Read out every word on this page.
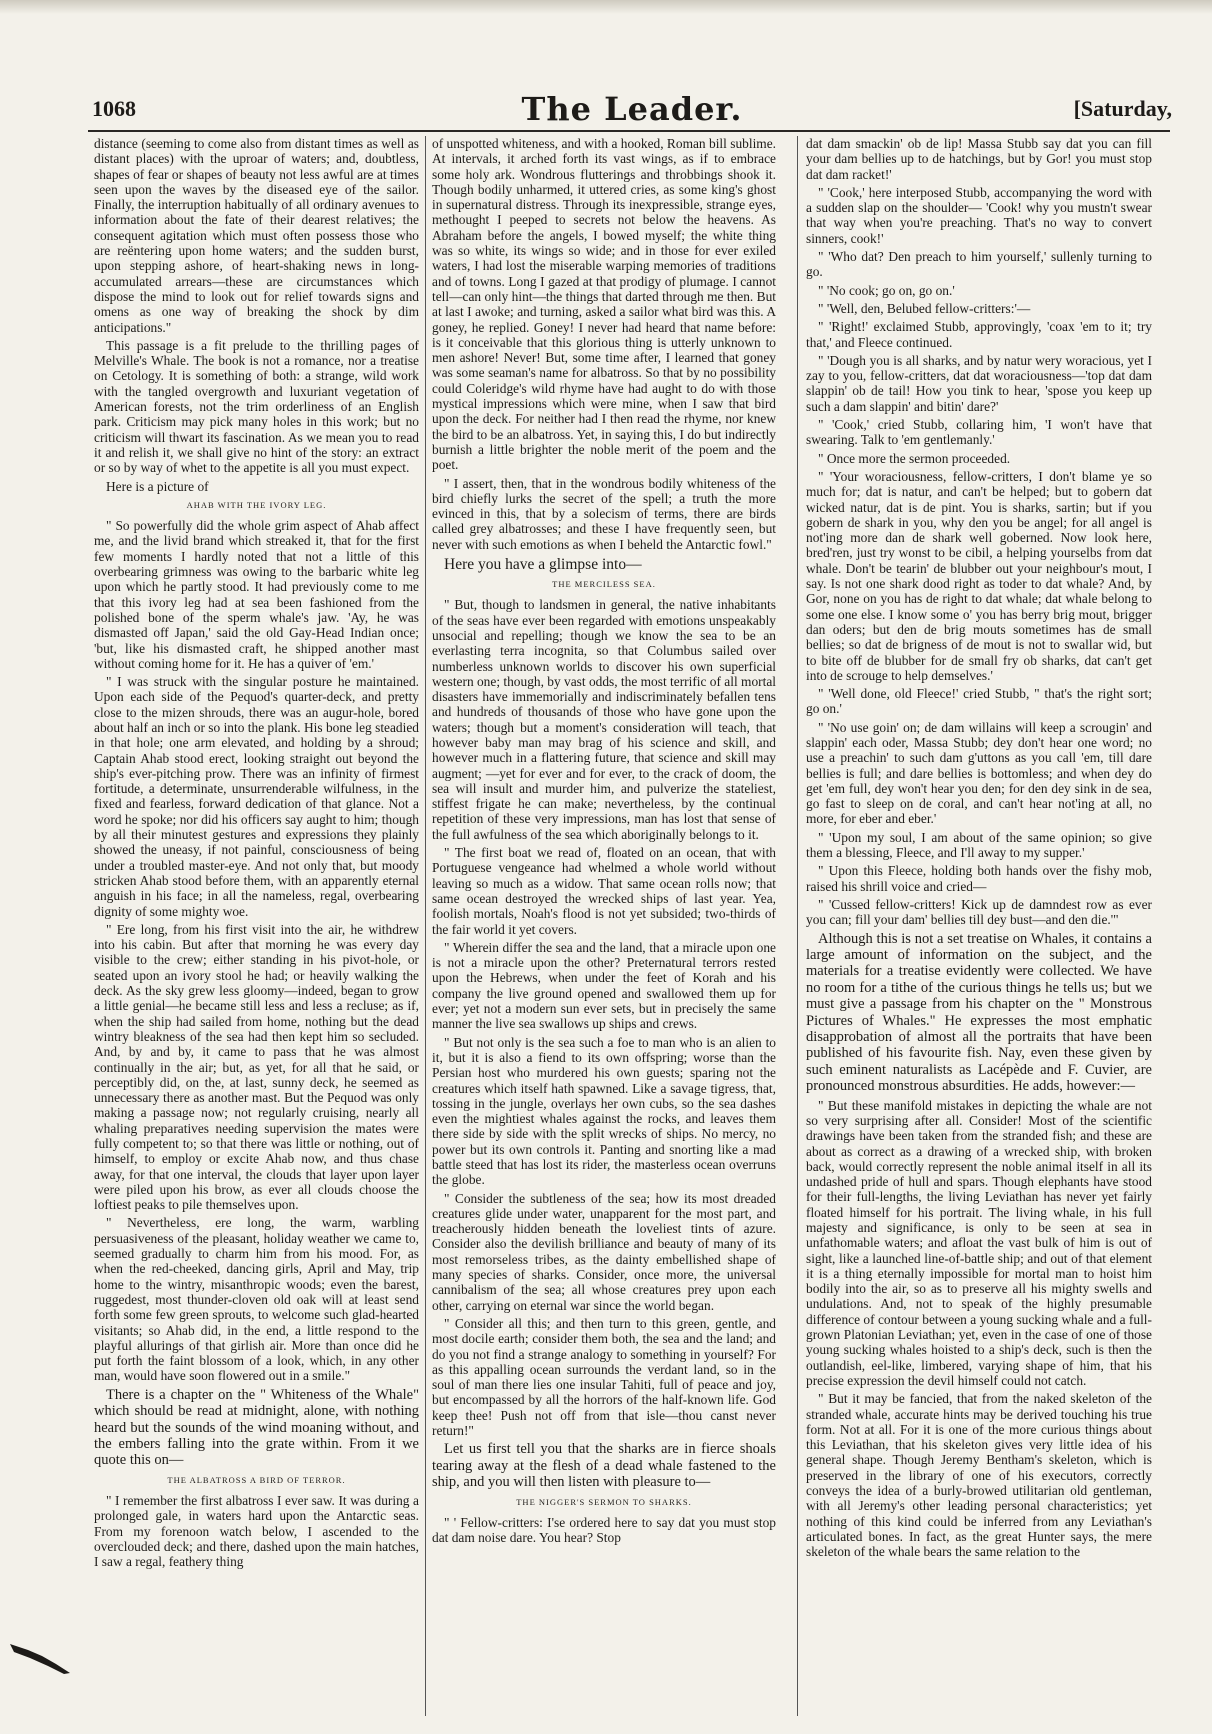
1068	The Leader.	[Saturday,

distance (seeming to come also from distant times as well as distant places) with the uproar of waters; and, doubtless, shapes of fear or shapes of beauty not less awful are at times seen upon the waves by the diseased eye of the sailor. Finally, the interruption habitually of all ordinary avenues to information about the fate of their dearest relatives; the consequent agitation which must often possess those who are reëntering upon home waters; and the sudden burst, upon stepping ashore, of heart-shaking news in long-accumulated arrears—these are circumstances which dispose the mind to look out for relief towards signs and omens as one way of breaking the shock by dim anticipations."

This passage is a fit prelude to the thrilling pages of Melville's Whale. The book is not a romance, nor a treatise on Cetology. It is something of both: a strange, wild work with the tangled overgrowth and luxuriant vegetation of American forests, not the trim orderliness of an English park. Criticism may pick many holes in this work; but no criticism will thwart its fascination. As we mean you to read it and relish it, we shall give no hint of the story: an extract or so by way of whet to the appetite is all you must expect.

Here is a picture of

AHAB WITH THE IVORY LEG.

" So powerfully did the whole grim aspect of Ahab affect me, and the livid brand which streaked it, that for the first few moments I hardly noted that not a little of this overbearing grimness was owing to the barbaric white leg upon which he partly stood. It had previously come to me that this ivory leg had at sea been fashioned from the polished bone of the sperm whale's jaw. 'Ay, he was dismasted off Japan,' said the old Gay-Head Indian once; 'but, like his dismasted craft, he shipped another mast without coming home for it. He has a quiver of 'em.'

" I was struck with the singular posture he maintained. Upon each side of the Pequod's quarter-deck, and pretty close to the mizen shrouds, there was an augur-hole, bored about half an inch or so into the plank. His bone leg steadied in that hole; one arm elevated, and holding by a shroud; Captain Ahab stood erect, looking straight out beyond the ship's ever-pitching prow. There was an infinity of firmest fortitude, a determinate, unsurrenderable wilfulness, in the fixed and fearless, forward dedication of that glance. Not a word he spoke; nor did his officers say aught to him; though by all their minutest gestures and expressions they plainly showed the uneasy, if not painful, consciousness of being under a troubled master-eye. And not only that, but moody stricken Ahab stood before them, with an apparently eternal anguish in his face; in all the nameless, regal, overbearing dignity of some mighty woe.

" Ere long, from his first visit into the air, he withdrew into his cabin. But after that morning he was every day visible to the crew; either standing in his pivot-hole, or seated upon an ivory stool he had; or heavily walking the deck. As the sky grew less gloomy—indeed, began to grow a little genial—he became still less and less a recluse; as if, when the ship had sailed from home, nothing but the dead wintry bleakness of the sea had then kept him so secluded. And, by and by, it came to pass that he was almost continually in the air; but, as yet, for all that he said, or perceptibly did, on the, at last, sunny deck, he seemed as unnecessary there as another mast. But the Pequod was only making a passage now; not regularly cruising, nearly all whaling preparatives needing supervision the mates were fully competent to; so that there was little or nothing, out of himself, to employ or excite Ahab now, and thus chase away, for that one interval, the clouds that layer upon layer were piled upon his brow, as ever all clouds choose the loftiest peaks to pile themselves upon.

" Nevertheless, ere long, the warm, warbling persuasiveness of the pleasant, holiday weather we came to, seemed gradually to charm him from his mood. For, as when the red-cheeked, dancing girls, April and May, trip home to the wintry, misanthropic woods; even the barest, ruggedest, most thunder-cloven old oak will at least send forth some few green sprouts, to welcome such glad-hearted visitants; so Ahab did, in the end, a little respond to the playful allurings of that girlish air. More than once did he put forth the faint blossom of a look, which, in any other man, would have soon flowered out in a smile."

There is a chapter on the " Whiteness of the Whale" which should be read at midnight, alone, with nothing heard but the sounds of the wind moaning without, and the embers falling into the grate within. From it we quote this on—

THE ALBATROSS A BIRD OF TERROR.

" I remember the first albatross I ever saw. It was during a prolonged gale, in waters hard upon the Antarctic seas. From my forenoon watch below, I ascended to the overclouded deck; and there, dashed upon the main hatches, I saw a regal, feathery thing

of unspotted whiteness, and with a hooked, Roman bill sublime. At intervals, it arched forth its vast wings, as if to embrace some holy ark. Wondrous flutterings and throbbings shook it. Though bodily unharmed, it uttered cries, as some king's ghost in supernatural distress. Through its inexpressible, strange eyes, methought I peeped to secrets not below the heavens. As Abraham before the angels, I bowed myself; the white thing was so white, its wings so wide; and in those for ever exiled waters, I had lost the miserable warping memories of traditions and of towns. Long I gazed at that prodigy of plumage. I cannot tell—can only hint—the things that darted through me then. But at last I awoke; and turning, asked a sailor what bird was this. A goney, he replied. Goney! I never had heard that name before: is it conceivable that this glorious thing is utterly unknown to men ashore! Never! But, some time after, I learned that goney was some seaman's name for albatross. So that by no possibility could Coleridge's wild rhyme have had aught to do with those mystical impressions which were mine, when I saw that bird upon the deck. For neither had I then read the rhyme, nor knew the bird to be an albatross. Yet, in saying this, I do but indirectly burnish a little brighter the noble merit of the poem and the poet.

" I assert, then, that in the wondrous bodily whiteness of the bird chiefly lurks the secret of the spell; a truth the more evinced in this, that by a solecism of terms, there are birds called grey albatrosses; and these I have frequently seen, but never with such emotions as when I beheld the Antarctic fowl."

Here you have a glimpse into—

THE MERCILESS SEA.

" But, though to landsmen in general, the native inhabitants of the seas have ever been regarded with emotions unspeakably unsocial and repelling; though we know the sea to be an everlasting terra incognita, so that Columbus sailed over numberless unknown worlds to discover his own superficial western one; though, by vast odds, the most terrific of all mortal disasters have immemorially and indiscriminately befallen tens and hundreds of thousands of those who have gone upon the waters; though but a moment's consideration will teach, that however baby man may brag of his science and skill, and however much in a flattering future, that science and skill may augment; —yet for ever and for ever, to the crack of doom, the sea will insult and murder him, and pulverize the stateliest, stiffest frigate he can make; nevertheless, by the continual repetition of these very impressions, man has lost that sense of the full awfulness of the sea which aboriginally belongs to it.

" The first boat we read of, floated on an ocean, that with Portuguese vengeance had whelmed a whole world without leaving so much as a widow. That same ocean rolls now; that same ocean destroyed the wrecked ships of last year. Yea, foolish mortals, Noah's flood is not yet subsided; two-thirds of the fair world it yet covers.

" Wherein differ the sea and the land, that a miracle upon one is not a miracle upon the other? Preternatural terrors rested upon the Hebrews, when under the feet of Korah and his company the live ground opened and swallowed them up for ever; yet not a modern sun ever sets, but in precisely the same manner the live sea swallows up ships and crews.

" But not only is the sea such a foe to man who is an alien to it, but it is also a fiend to its own offspring; worse than the Persian host who murdered his own guests; sparing not the creatures which itself hath spawned. Like a savage tigress, that, tossing in the jungle, overlays her own cubs, so the sea dashes even the mightiest whales against the rocks, and leaves them there side by side with the split wrecks of ships. No mercy, no power but its own controls it. Panting and snorting like a mad battle steed that has lost its rider, the masterless ocean overruns the globe.

" Consider the subtleness of the sea; how its most dreaded creatures glide under water, unapparent for the most part, and treacherously hidden beneath the loveliest tints of azure. Consider also the devilish brilliance and beauty of many of its most remorseless tribes, as the dainty embellished shape of many species of sharks. Consider, once more, the universal cannibalism of the sea; all whose creatures prey upon each other, carrying on eternal war since the world began.

" Consider all this; and then turn to this green, gentle, and most docile earth; consider them both, the sea and the land; and do you not find a strange analogy to something in yourself? For as this appalling ocean surrounds the verdant land, so in the soul of man there lies one insular Tahiti, full of peace and joy, but encompassed by all the horrors of the half-known life. God keep thee! Push not off from that isle—thou canst never return!"

Let us first tell you that the sharks are in fierce shoals tearing away at the flesh of a dead whale fastened to the ship, and you will then listen with pleasure to—

THE NIGGER'S SERMON TO SHARKS.

" ' Fellow-critters: I'se ordered here to say dat you must stop dat dam noise dare. You hear? Stop

dat dam smackin' ob de lip! Massa Stubb say dat you can fill your dam bellies up to de hatchings, but by Gor! you must stop dat dam racket!'

" 'Cook,' here interposed Stubb, accompanying the word with a sudden slap on the shoulder— 'Cook! why you mustn't swear that way when you're preaching. That's no way to convert sinners, cook!'

" 'Who dat? Den preach to him yourself,' sullenly turning to go.

" 'No cook; go on, go on.'

" 'Well, den, Belubed fellow-critters:'—

" 'Right!' exclaimed Stubb, approvingly, 'coax 'em to it; try that,' and Fleece continued.

" 'Dough you is all sharks, and by natur wery woracious, yet I zay to you, fellow-critters, dat dat woraciousness—'top dat dam slappin' ob de tail! How you tink to hear, 'spose you keep up such a dam slappin' and bitin' dare?'

" 'Cook,' cried Stubb, collaring him, 'I won't have that swearing. Talk to 'em gentlemanly.'

" Once more the sermon proceeded.

" 'Your woraciousness, fellow-critters, I don't blame ye so much for; dat is natur, and can't be helped; but to gobern dat wicked natur, dat is de pint. You is sharks, sartin; but if you gobern de shark in you, why den you be angel; for all angel is not'ing more dan de shark well goberned. Now look here, bred'ren, just try wonst to be cibil, a helping yourselbs from dat whale. Don't be tearin' de blubber out your neighbour's mout, I say. Is not one shark dood right as toder to dat whale? And, by Gor, none on you has de right to dat whale; dat whale belong to some one else. I know some o' you has berry brig mout, brigger dan oders; but den de brig mouts sometimes has de small bellies; so dat de brigness of de mout is not to swallar wid, but to bite off de blubber for de small fry ob sharks, dat can't get into de scrouge to help demselves.'

" 'Well done, old Fleece!' cried Stubb, " that's the right sort; go on.'

" 'No use goin' on; de dam willains will keep a scrougin' and slappin' each oder, Massa Stubb; dey don't hear one word; no use a preachin' to such dam g'uttons as you call 'em, till dare bellies is full; and dare bellies is bottomless; and when dey do get 'em full, dey won't hear you den; for den dey sink in de sea, go fast to sleep on de coral, and can't hear not'ing at all, no more, for eber and eber.'

" 'Upon my soul, I am about of the same opinion; so give them a blessing, Fleece, and I'll away to my supper.'

" Upon this Fleece, holding both hands over the fishy mob, raised his shrill voice and cried—

" 'Cussed fellow-critters! Kick up de damndest row as ever you can; fill your dam' bellies till dey bust—and den die.'"

Although this is not a set treatise on Whales, it contains a large amount of information on the subject, and the materials for a treatise evidently were collected. We have no room for a tithe of the curious things he tells us; but we must give a passage from his chapter on the " Monstrous Pictures of Whales." He expresses the most emphatic disapprobation of almost all the portraits that have been published of his favourite fish. Nay, even these given by such eminent naturalists as Lacépède and F. Cuvier, are pronounced monstrous absurdities. He adds, however:—

" But these manifold mistakes in depicting the whale are not so very surprising after all. Consider! Most of the scientific drawings have been taken from the stranded fish; and these are about as correct as a drawing of a wrecked ship, with broken back, would correctly represent the noble animal itself in all its undashed pride of hull and spars. Though elephants have stood for their full-lengths, the living Leviathan has never yet fairly floated himself for his portrait. The living whale, in his full majesty and significance, is only to be seen at sea in unfathomable waters; and afloat the vast bulk of him is out of sight, like a launched line-of-battle ship; and out of that element it is a thing eternally impossible for mortal man to hoist him bodily into the air, so as to preserve all his mighty swells and undulations. And, not to speak of the highly presumable difference of contour between a young sucking whale and a full-grown Platonian Leviathan; yet, even in the case of one of those young sucking whales hoisted to a ship's deck, such is then the outlandish, eel-like, limbered, varying shape of him, that his precise expression the devil himself could not catch.

" But it may be fancied, that from the naked skeleton of the stranded whale, accurate hints may be derived touching his true form. Not at all. For it is one of the more curious things about this Leviathan, that his skeleton gives very little idea of his general shape. Though Jeremy Bentham's skeleton, which is preserved in the library of one of his executors, correctly conveys the idea of a burly-browed utilitarian old gentleman, with all Jeremy's other leading personal characteristics; yet nothing of this kind could be inferred from any Leviathan's articulated bones. In fact, as the great Hunter says, the mere skeleton of the whale bears the same relation to the
